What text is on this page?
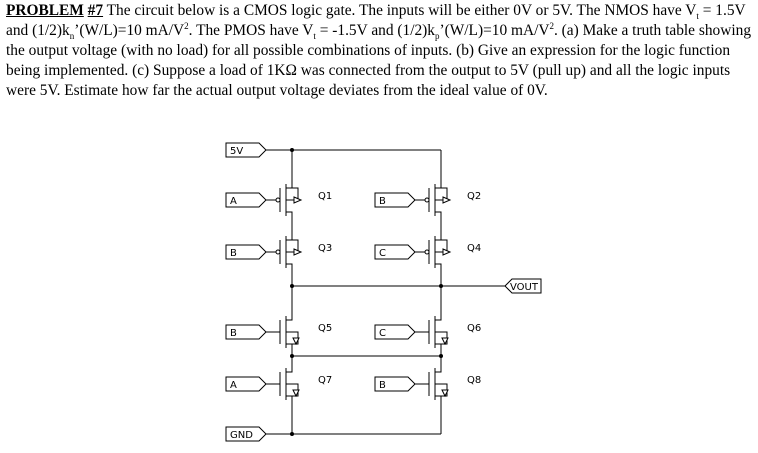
PROBLEM #7 The circuit below is a CMOS logic gate. The inputs will be either 0V or 5V. The NMOS have $V_t = 1.5V$ and $(1/2)k_n’(W/L)=10$ $mA/V^2$. The PMOS have $V_t = -1.5V$ and $(1/2)k_p’(W/L)=10$ $mA/V^2$. (a) Make a truth table showing the output voltage (with no load) for all possible combinations of inputs. (b) Give an expression for the logic function being implemented. (c) Suppose a load of 1KΩ was connected from the output to 5V (pull up) and all the logic inputs were 5V. Estimate how far the actual output voltage deviates from the ideal value of 0V.

A	Q1	B	Q2
B	Q3	C	Q4
B	Q5	C	Q6
A	Q7	B	Q8
5V
GND
VOUT
